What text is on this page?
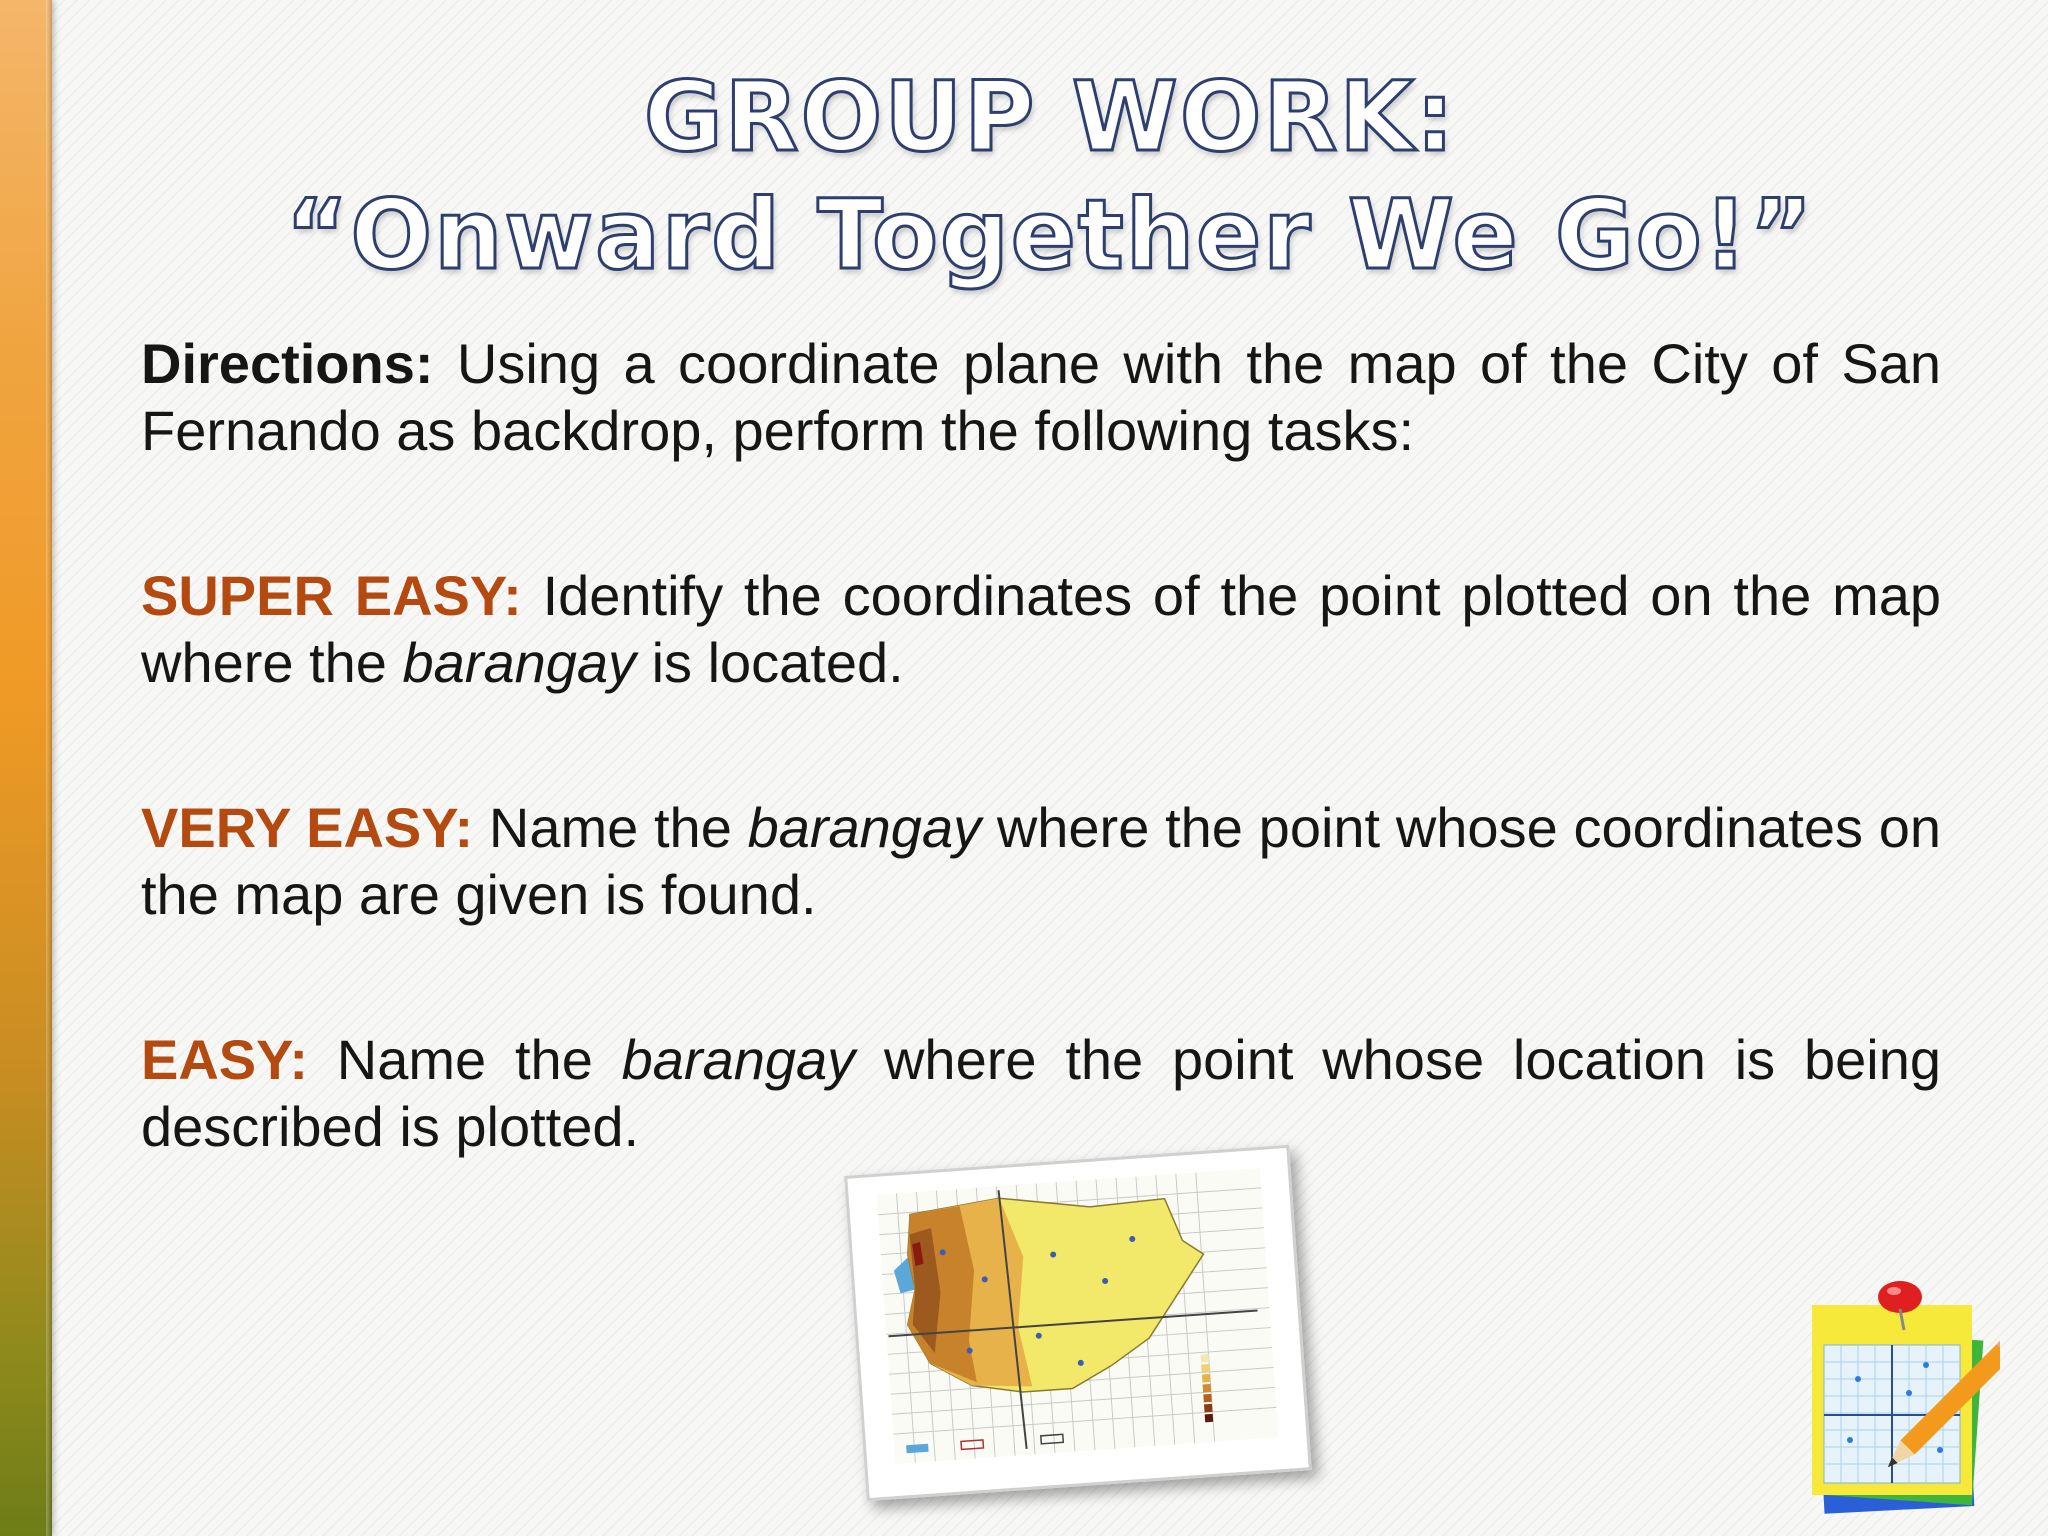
GROUP WORK:
“Onward Together We Go!”

Directions: Using a coordinate plane with the map of the City of San Fernando as backdrop, perform the following tasks:

SUPER EASY: Identify the coordinates of the point plotted on the map where the barangay is located.

VERY EASY: Name the barangay where the point whose coordinates on the map are given is found.

EASY: Name the barangay where the point whose location is being described is plotted.
